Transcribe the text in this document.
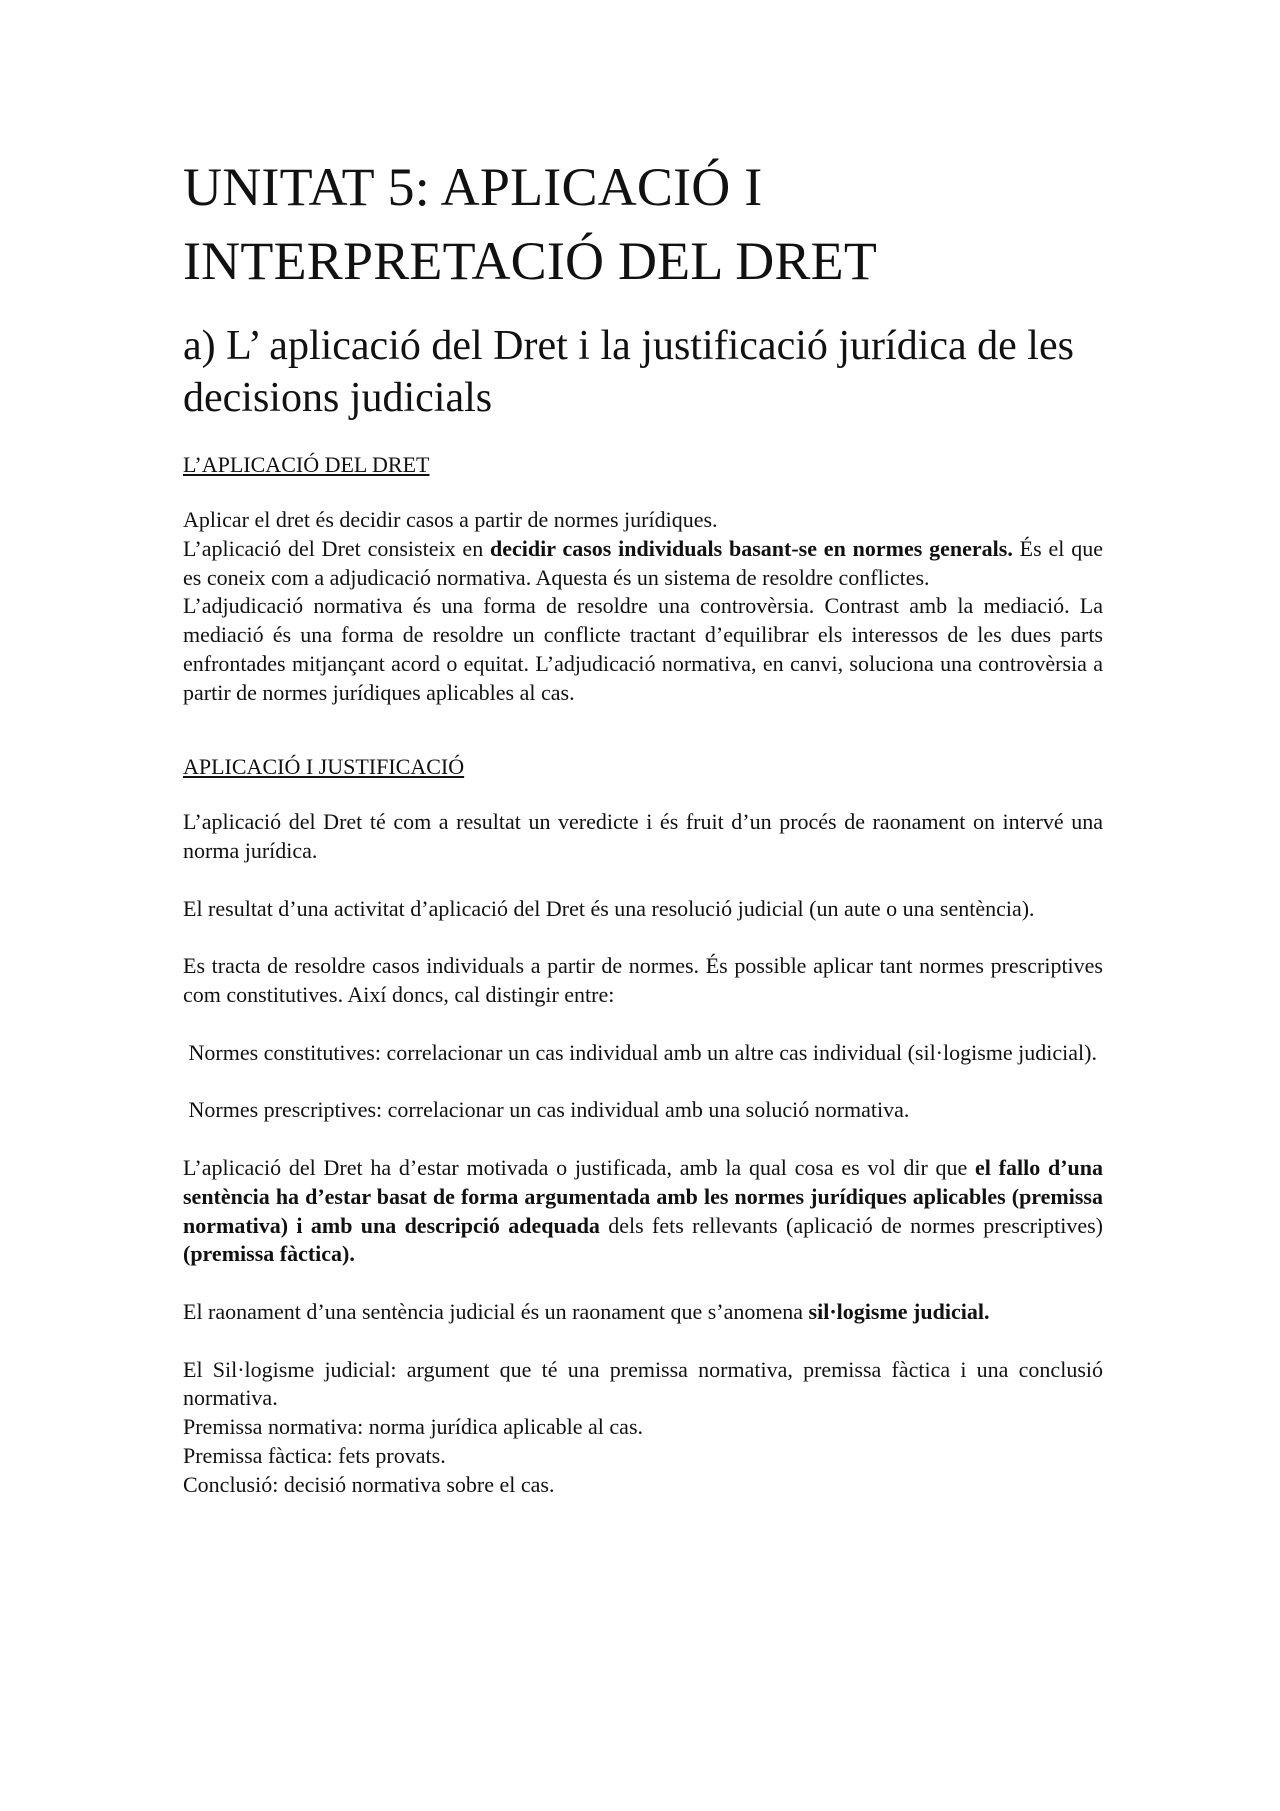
UNITAT 5: APLICACIÓ I INTERPRETACIÓ DEL DRET
a) L’ aplicació del Dret i la justificació jurídica de les decisions judicials
L’APLICACIÓ DEL DRET

Aplicar el dret és decidir casos a partir de normes jurídiques.

L’aplicació del Dret consisteix en decidir casos individuals basant-se en normes generals. És el que es coneix com a adjudicació normativa. Aquesta és un sistema de resoldre conflictes.

L’adjudicació normativa és una forma de resoldre una controvèrsia. Contrast amb la mediació. La mediació és una forma de resoldre un conflicte tractant d’equilibrar els interessos de les dues parts enfrontades mitjançant acord o equitat. L’adjudicació normativa, en canvi, soluciona una controvèrsia a partir de normes jurídiques aplicables al cas.

APLICACIÓ I JUSTIFICACIÓ

L’aplicació del Dret té com a resultat un veredicte i és fruit d’un procés de raonament on intervé una norma jurídica.

El resultat d’una activitat d’aplicació del Dret és una resolució judicial (un aute o una sentència).

Es tracta de resoldre casos individuals a partir de normes. És possible aplicar tant normes prescriptives com constitutives. Així doncs, cal distingir entre:

Normes constitutives: correlacionar un cas individual amb un altre cas individual (sil·logisme judicial).

Normes prescriptives: correlacionar un cas individual amb una solució normativa.

L’aplicació del Dret ha d’estar motivada o justificada, amb la qual cosa es vol dir que el fallo d’una sentència ha d’estar basat de forma argumentada amb les normes jurídiques aplicables (premissa normativa) i amb una descripció adequada dels fets rellevants (aplicació de normes prescriptives) (premissa fàctica).

El raonament d’una sentència judicial és un raonament que s’anomena sil·logisme judicial.

El Sil·logisme judicial: argument que té una premissa normativa, premissa fàctica i una conclusió normativa.

Premissa normativa: norma jurídica aplicable al cas.

Premissa fàctica: fets provats.

Conclusió: decisió normativa sobre el cas.
